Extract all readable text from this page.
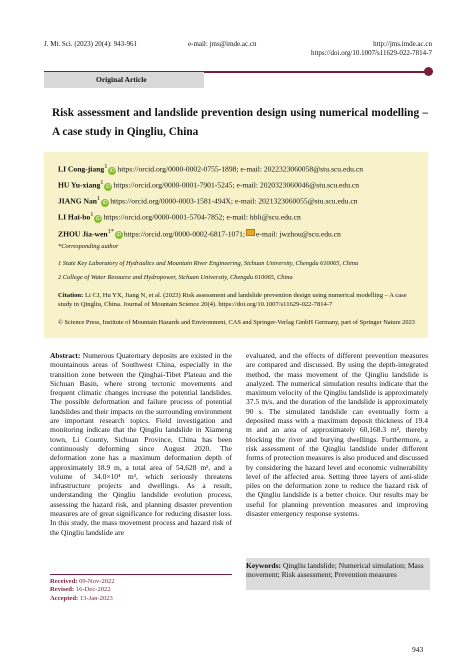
J. Mt. Sci. (2023) 20(4): 943-961	e-mail: jms@imde.ac.cn	http://jms.imde.ac.cn
https://doi.org/10.1007/s11629-022-7814-7
Original Article
Risk assessment and landslide prevention design using numerical modelling – A case study in Qingliu, China
LI Cong-jiang$^1$iD https://orcid.org/0000-0002-0755-1898; e-mail: 2022323060058@stu.scu.edu.cn
HU Yu-xiang$^1$iD https://orcid.org/0000-0001-7901-5245; e-mail: 2020323060046@stu.scu.edu.cn
JIANG Nan$^1$iD https://orcid.org/0000-0003-1581-494X; e-mail: 2021323060055@stu.scu.edu.cn
LI Hai-$bo^1iD$ https://orcid.org/0000-0001-5704-7852; e-mail: hbli@scu.edu.cn
ZHOU Jia-wen$^{1*}$iD https://orcid.org/0000-0002-6817-1071; e-mail: jwzhou@scu.edu.cn
*Corresponding author
1 State Key Laboratory of Hydraulics and Mountain River Engineering, Sichuan University, Chengdu 610065, China
2 College of Water Resource and Hydropower, Sichuan University, Chengdu 610065, China
Citation: Li CJ, Hu YX, Jiang N, et al. (2023) Risk assessment and landslide prevention design using numerical modelling – A case study in Qingliu, China. Journal of Mountain Science 20(4). https://doi.org/10.1007/s11629-022-7814-7
© Science Press, Institute of Mountain Hazards and Environment, CAS and Springer-Verlag GmbH Germany, part of Springer Nature 2023
Abstract: Numerous Quaternary deposits are existed in the mountainous areas of Southwest China, especially in the transition zone between the Qinghai-Tibet Plateau and the Sichuan Basin, where strong tectonic movements and frequent climatic changes increase the potential landslides. The possible deformation and failure process of potential landslides and their impacts on the surrounding environment are important research topics. Field investigation and monitoring indicate that the Qingliu landslide in Xiameng town, Li County, Sichuan Province, China has been continuously deforming since August 2020. The deformation zone has a maximum deformation depth of approximately 18.9 m, a total area of 54,628 m², and a volume of 34.0×10⁴ m³, which seriously threatens infrastructure projects and dwellings. As a result, understanding the Qingliu landslide evolution process, assessing the hazard risk, and planning disaster prevention measures are of great significance for reducing disaster loss. In this study, the mass movement process and hazard risk of the Qingliu landslide are
evaluated, and the effects of different prevention measures are compared and discussed. By using the depth-integrated method, the mass movement of the Qingliu landslide is analyzed. The numerical simulation results indicate that the maximum velocity of the Qingliu landslide is approximately 37.5 m/s, and the duration of the landslide is approximately 90 s. The simulated landslide can eventually form a deposited mass with a maximum deposit thickness of 19.4 m and an area of approximately 60,168.3 m², thereby blocking the river and burying dwellings. Furthermore, a risk assessment of the Qingliu landslide under different forms of protection measures is also produced and discussed by considering the hazard level and economic vulnerability level of the affected area. Setting three layers of anti-slide piles on the deformation zone to reduce the hazard risk of the Qingliu landslide is a better choice. Our results may be useful for planning prevention measures and improving disaster emergency response systems.
Keywords: Qingliu landslide; Numerical simulation; Mass movement; Risk assessment; Prevention measures
Received: 09-Nov-2022
Revised: 16-Dec-2022
Accepted: 13-Jan-2023
943
